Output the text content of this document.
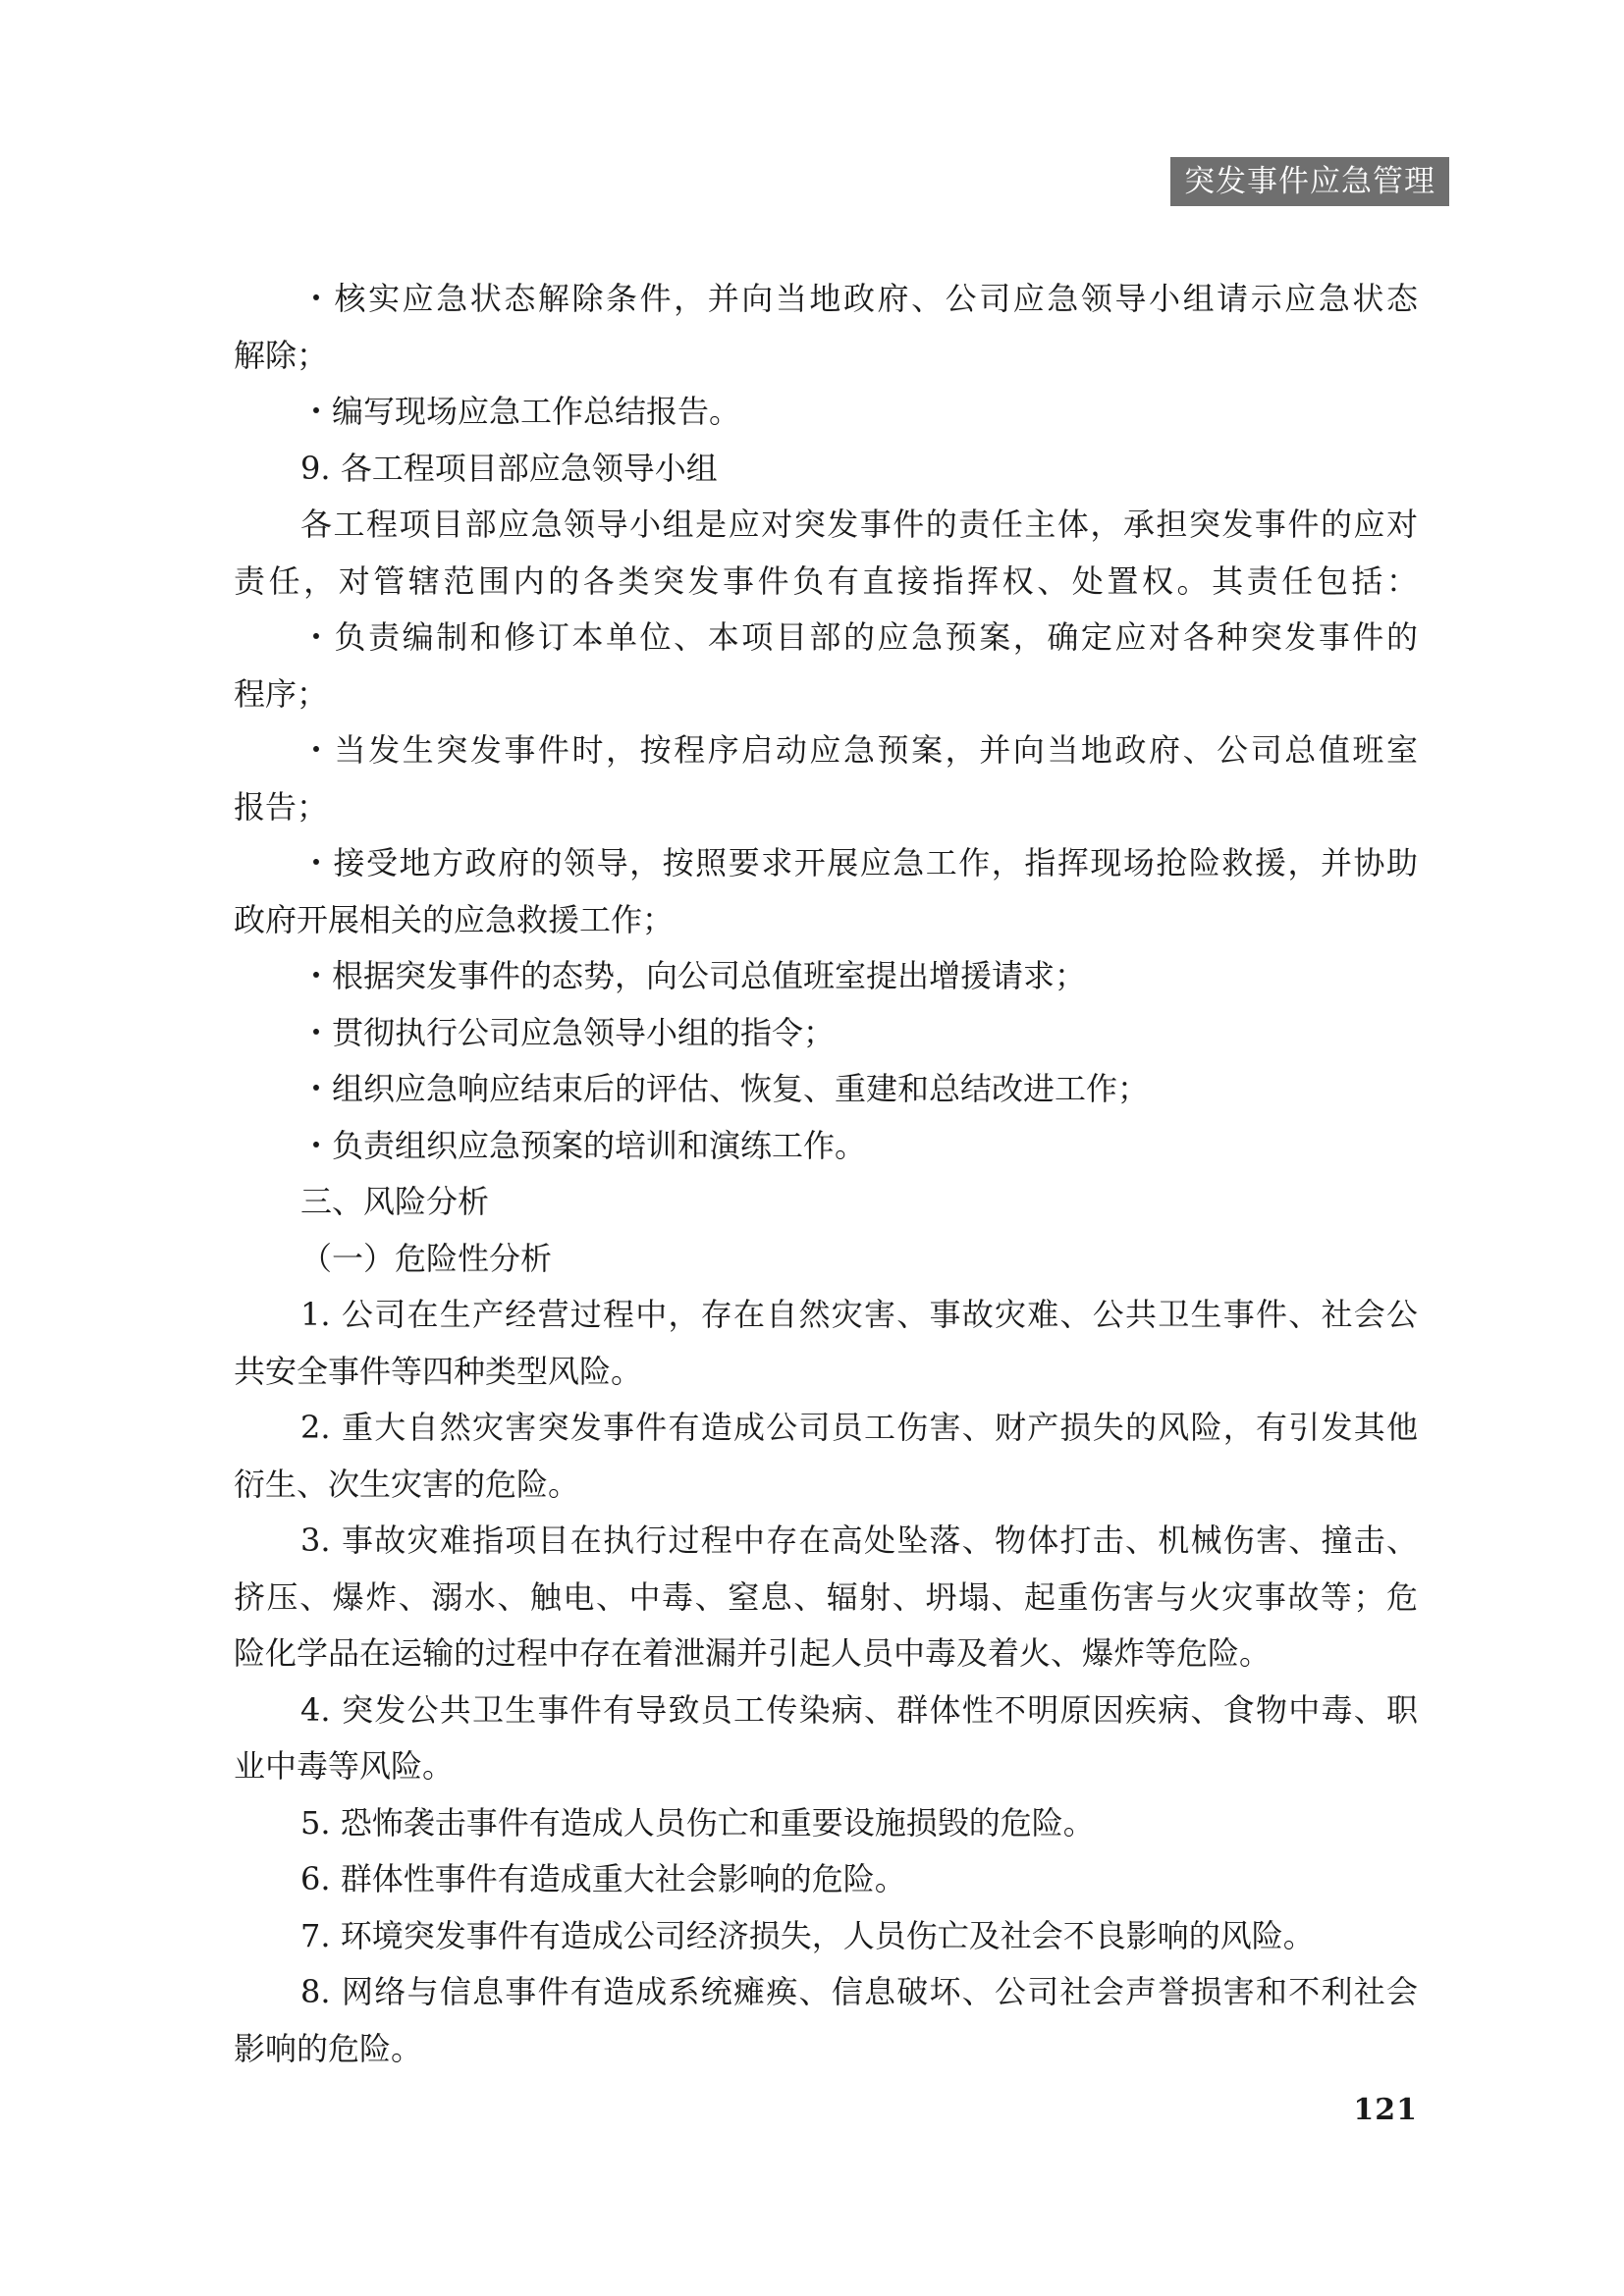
突发事件应急管理

・核实应急状态解除条件，并向当地政府、公司应急领导小组请示应急状态

解除；

・编写现场应急工作总结报告。

9. 各工程项目部应急领导小组

各工程项目部应急领导小组是应对突发事件的责任主体，承担突发事件的应对

责任，对管辖范围内的各类突发事件负有直接指挥权、处置权。其责任包括：

・负责编制和修订本单位、本项目部的应急预案，确定应对各种突发事件的

程序；

・当发生突发事件时，按程序启动应急预案，并向当地政府、公司总值班室

报告；

・接受地方政府的领导，按照要求开展应急工作，指挥现场抢险救援，并协助

政府开展相关的应急救援工作；

・根据突发事件的态势，向公司总值班室提出增援请求；

・贯彻执行公司应急领导小组的指令；

・组织应急响应结束后的评估、恢复、重建和总结改进工作；

・负责组织应急预案的培训和演练工作。

三、风险分析

（一）危险性分析

1. 公司在生产经营过程中，存在自然灾害、事故灾难、公共卫生事件、社会公

共安全事件等四种类型风险。

2. 重大自然灾害突发事件有造成公司员工伤害、财产损失的风险，有引发其他

衍生、次生灾害的危险。

3. 事故灾难指项目在执行过程中存在高处坠落、物体打击、机械伤害、撞击、

挤压、爆炸、溺水、触电、中毒、窒息、辐射、坍塌、起重伤害与火灾事故等；危

险化学品在运输的过程中存在着泄漏并引起人员中毒及着火、爆炸等危险。

4. 突发公共卫生事件有导致员工传染病、群体性不明原因疾病、食物中毒、职

业中毒等风险。

5. 恐怖袭击事件有造成人员伤亡和重要设施损毁的危险。

6. 群体性事件有造成重大社会影响的危险。

7. 环境突发事件有造成公司经济损失，人员伤亡及社会不良影响的风险。

8. 网络与信息事件有造成系统瘫痪、信息破坏、公司社会声誉损害和不利社会

影响的危险。

121
